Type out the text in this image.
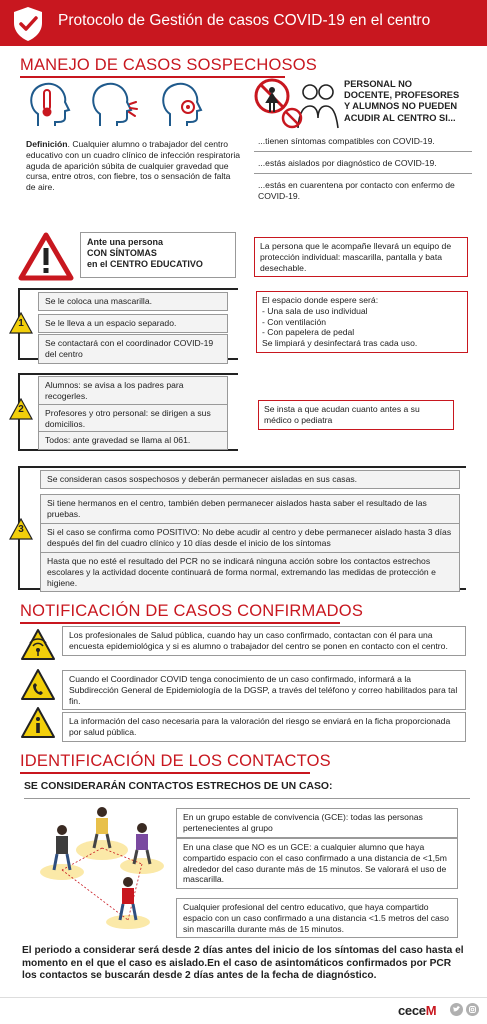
Protocolo de Gestión de casos COVID-19 en el centro
MANEJO DE CASOS SOSPECHOSOS
Definición. Cualquier alumno o trabajador del centro educativo con un cuadro clínico de infección respiratoria aguda de aparición súbita de cualquier gravedad que cursa, entre otros, con fiebre, tos o sensación de falta de aire.
PERSONAL NO DOCENTE, PROFESORES Y ALUMNOS NO PUEDEN ACUDIR AL CENTRO SI...
...tienen síntomas compatibles con COVID-19.
...estás aislados por diagnóstico de COVID-19.
...estás en cuarentena por contacto con enfermo de COVID-19.
Ante una persona
CON SÍNTOMAS
en el CENTRO EDUCATIVO
La persona que le acompañe llevará un equipo de protección individual: mascarilla, pantalla y bata desechable.
1
Se le coloca una mascarilla.
Se le lleva a un espacio separado.
Se contactará con el coordinador COVID-19 del centro
El espacio donde espere será:
- Una sala de uso individual
- Con ventilación
- Con papelera de pedal
Se limpiará y desinfectará tras cada uso.
2
Alumnos: se avisa a los padres para recogerles.
Profesores y otro personal: se dirigen a sus domicilios.
Todos: ante gravedad se llama al 061.
Se insta a que acudan cuanto antes a su médico o pediatra
3
Se consideran casos sospechosos y deberán permanecer aisladas en sus casas.
Si tiene hermanos en el centro, también deben permanecer aislados hasta saber el resultado de las pruebas.
Si el caso se confirma como POSITIVO: No debe acudir al centro y debe permanecer aislado hasta 3 días después del fin del cuadro clínico y 10 días desde el inicio de los síntomas
Hasta que no esté el resultado del PCR no se indicará ninguna acción sobre los contactos estrechos escolares y la actividad docente continuará de forma normal, extremando las medidas de protección e higiene.
NOTIFICACIÓN DE CASOS CONFIRMADOS
Los profesionales de Salud pública, cuando hay un caso confirmado, contactan con él para una encuesta epidemiológica y si es alumno o trabajador del centro se ponen en contacto con el centro.
Cuando el Coordinador COVID tenga conocimiento de un caso confirmado, informará a la Subdirección General de Epidemiología de la DGSP, a través del teléfono y correo habilitados para tal fin.
La información del caso necesaria para la valoración del riesgo se enviará en la ficha proporcionada por salud pública.
IDENTIFICACIÓN DE LOS CONTACTOS
SE CONSIDERARÁN CONTACTOS ESTRECHOS DE UN CASO:
En un grupo estable de convivencia (GCE): todas las personas pertenecientes al grupo
En una clase que NO es un GCE: a cualquier alumno que haya compartido espacio con el caso confirmado a una distancia de <1,5m alrededor del caso durante más de 15 minutos. Se valorará el uso de mascarilla.
Cualquier profesional del centro educativo, que haya compartido espacio con un caso confirmado a una distancia <1.5 metros del caso sin mascarilla durante más de 15 minutos.
El periodo a considerar será desde 2 días antes del inicio de los síntomas del caso hasta el momento en el que el caso es aislado.En el caso de asintomáticos confirmados por PCR los contactos se buscarán desde 2 días antes de la fecha de diagnóstico.
ceceM
